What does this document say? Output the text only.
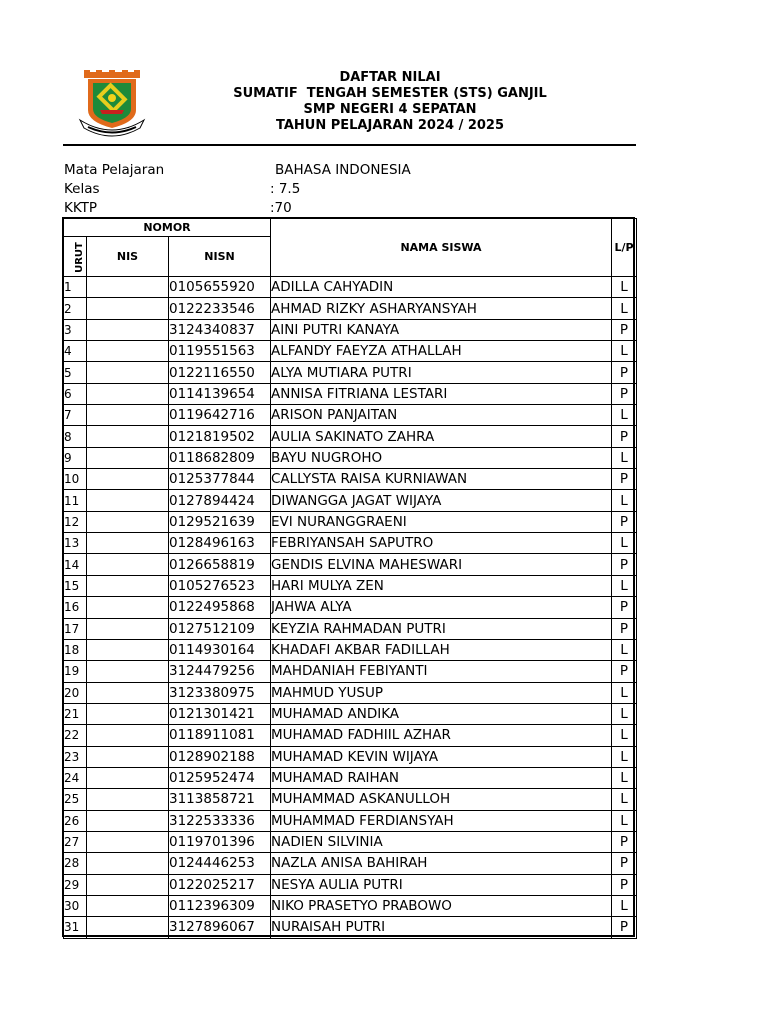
DAFTAR NILAI
SUMATIF  TENGAH SEMESTER (STS) GANJIL
SMP NEGERI 4 SEPATAN
TAHUN PELAJARAN 2024 / 2025
Mata Pelajaran	BAHASA INDONESIA
Kelas	: 7.5
KKTP	:70
NOMOR			NAMA SISWA	L/P
URUT	NIS	NISN		
1		0105655920	ADILLA CAHYADIN	L
2		0122233546	AHMAD RIZKY ASHARYANSYAH	L
3		3124340837	AINI PUTRI KANAYA	P
4		0119551563	ALFANDY FAEYZA ATHALLAH	L
5		0122116550	ALYA MUTIARA PUTRI	P
6		0114139654	ANNISA FITRIANA LESTARI	P
7		0119642716	ARISON PANJAITAN	L
8		0121819502	AULIA SAKINATO ZAHRA	P
9		0118682809	BAYU NUGROHO	L
10		0125377844	CALLYSTA RAISA KURNIAWAN	P
11		0127894424	DIWANGGA JAGAT WIJAYA	L
12		0129521639	EVI NURANGGRAENI	P
13		0128496163	FEBRIYANSAH SAPUTRO	L
14		0126658819	GENDIS ELVINA MAHESWARI	P
15		0105276523	HARI MULYA ZEN	L
16		0122495868	JAHWA ALYA	P
17		0127512109	KEYZIA RAHMADAN PUTRI	P
18		0114930164	KHADAFI AKBAR FADILLAH	L
19		3124479256	MAHDANIAH FEBIYANTI	P
20		3123380975	MAHMUD YUSUP	L
21		0121301421	MUHAMAD ANDIKA	L
22		0118911081	MUHAMAD FADHIIL AZHAR	L
23		0128902188	MUHAMAD KEVIN WIJAYA	L
24		0125952474	MUHAMAD RAIHAN	L
25		3113858721	MUHAMMAD ASKANULLOH	L
26		3122533336	MUHAMMAD FERDIANSYAH	L
27		0119701396	NADIEN SILVINIA	P
28		0124446253	NAZLA ANISA BAHIRAH	P
29		0122025217	NESYA AULIA PUTRI	P
30		0112396309	NIKO PRASETYO PRABOWO	L
31		3127896067	NURAISAH PUTRI	P
